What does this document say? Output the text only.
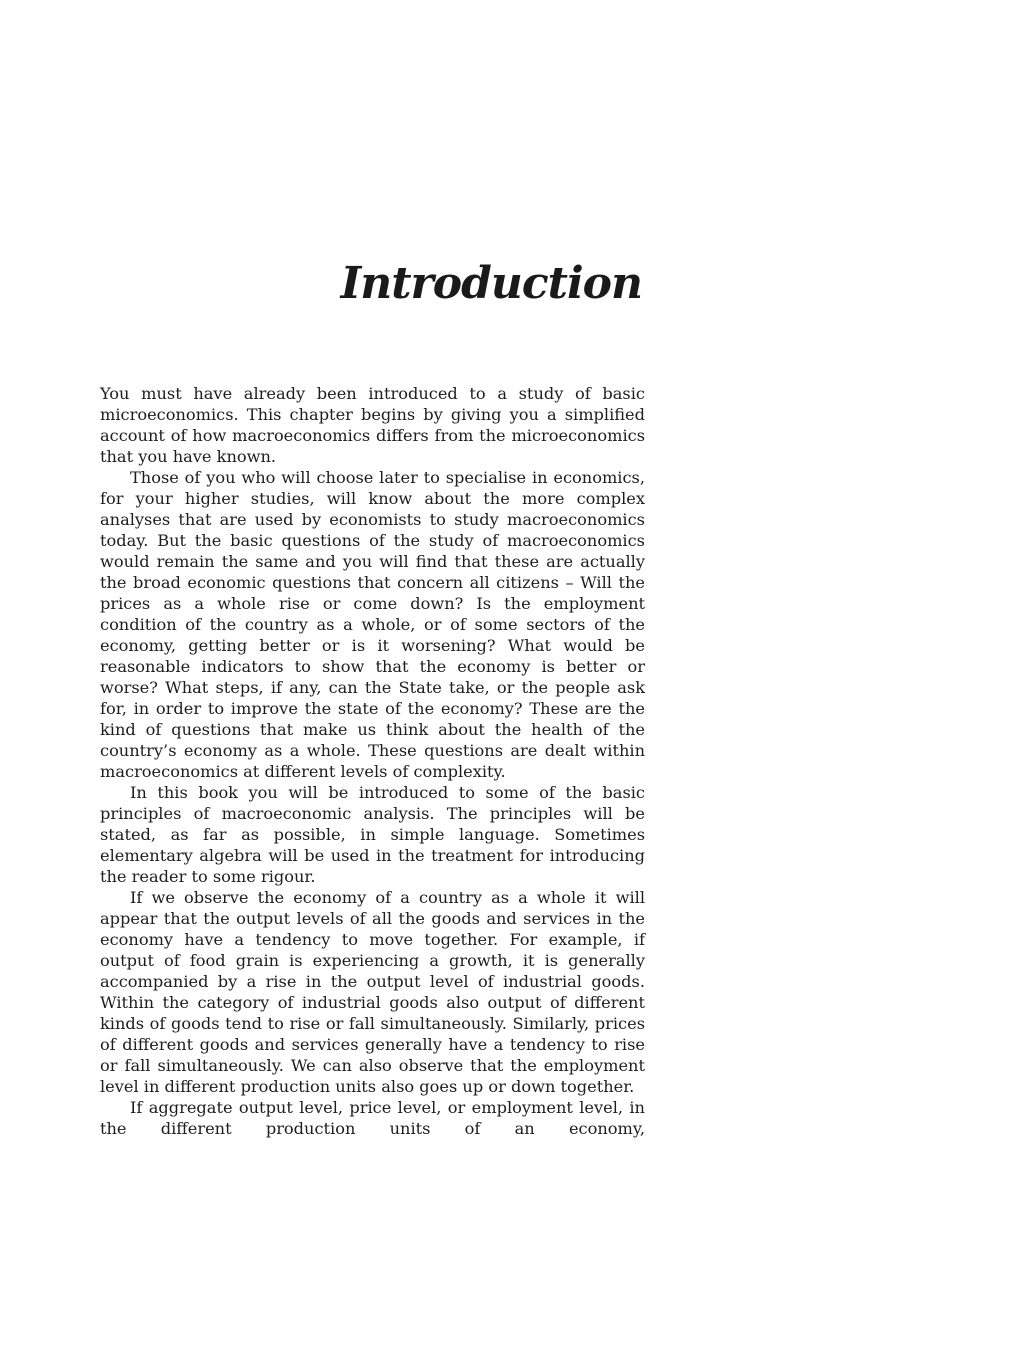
Introduction

You must have already been introduced to a study of basic microeconomics. This chapter begins by giving you a simplified account of how macroeconomics differs from the microeconomics that you have known.

Those of you who will choose later to specialise in economics, for your higher studies, will know about the more complex analyses that are used by economists to study macroeconomics today. But the basic questions of the study of macroeconomics would remain the same and you will find that these are actually the broad economic questions that concern all citizens – Will the prices as a whole rise or come down? Is the employment condition of the country as a whole, or of some sectors of the economy, getting better or is it worsening? What would be reasonable indicators to show that the economy is better or worse? What steps, if any, can the State take, or the people ask for, in order to improve the state of the economy? These are the kind of questions that make us think about the health of the country’s economy as a whole. These questions are dealt within macroeconomics at different levels of complexity.

In this book you will be introduced to some of the basic principles of macroeconomic analysis. The principles will be stated, as far as possible, in simple language. Sometimes elementary algebra will be used in the treatment for introducing the reader to some rigour.

If we observe the economy of a country as a whole it will appear that the output levels of all the goods and services in the economy have a tendency to move together. For example, if output of food grain is experiencing a growth, it is generally accompanied by a rise in the output level of industrial goods. Within the category of industrial goods also output of different kinds of goods tend to rise or fall simultaneously. Similarly, prices of different goods and services generally have a tendency to rise or fall simultaneously. We can also observe that the employment level in different production units also goes up or down together.

If aggregate output level, price level, or employment level, in the different production units of an economy,
